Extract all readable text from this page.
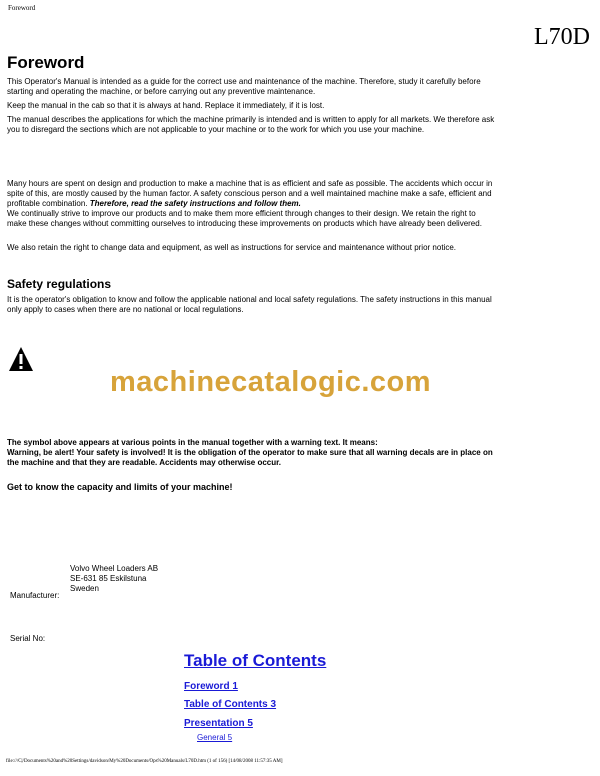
Foreword
L70D
Foreword
This Operator's Manual is intended as a guide for the correct use and maintenance of the machine. Therefore, study it carefully before starting and operating the machine, or before carrying out any preventive maintenance.
Keep the manual in the cab so that it is always at hand. Replace it immediately, if it is lost.
The manual describes the applications for which the machine primarily is intended and is written to apply for all markets. We therefore ask you to disregard the sections which are not applicable to your machine or to the work for which you use your machine.
Many hours are spent on design and production to make a machine that is as efficient and safe as possible. The accidents which occur in spite of this, are mostly caused by the human factor. A safety conscious person and a well maintained machine make a safe, efficient and profitable combination. Therefore, read the safety instructions and follow them.
We continually strive to improve our products and to make them more efficient through changes to their design. We retain the right to make these changes without committing ourselves to introducing these improvements on products which have already been delivered.
We also retain the right to change data and equipment, as well as instructions for service and maintenance without prior notice.
Safety regulations
It is the operator's obligation to know and follow the applicable national and local safety regulations. The safety instructions in this manual only apply to cases when there are no national or local regulations.
machinecatalogic.com
The symbol above appears at various points in the manual together with a warning text. It means:
Warning, be alert! Your safety is involved! It is the obligation of the operator to make sure that all warning decals are in place on the machine and that they are readable. Accidents may otherwise occur.
Get to know the capacity and limits of your machine!
Volvo Wheel Loaders AB
SE-631 85 Eskilstuna
Sweden
Manufacturer:
Serial No:
Table of Contents
Foreword 1
Table of Contents 3
Presentation 5
General 5
file:///C|/Documents%20and%20Settings/davidson/My%20Documents/Ops%20Manuals/L70D.htm (1 of 156) [14/08/2008 11:57:35 AM]
